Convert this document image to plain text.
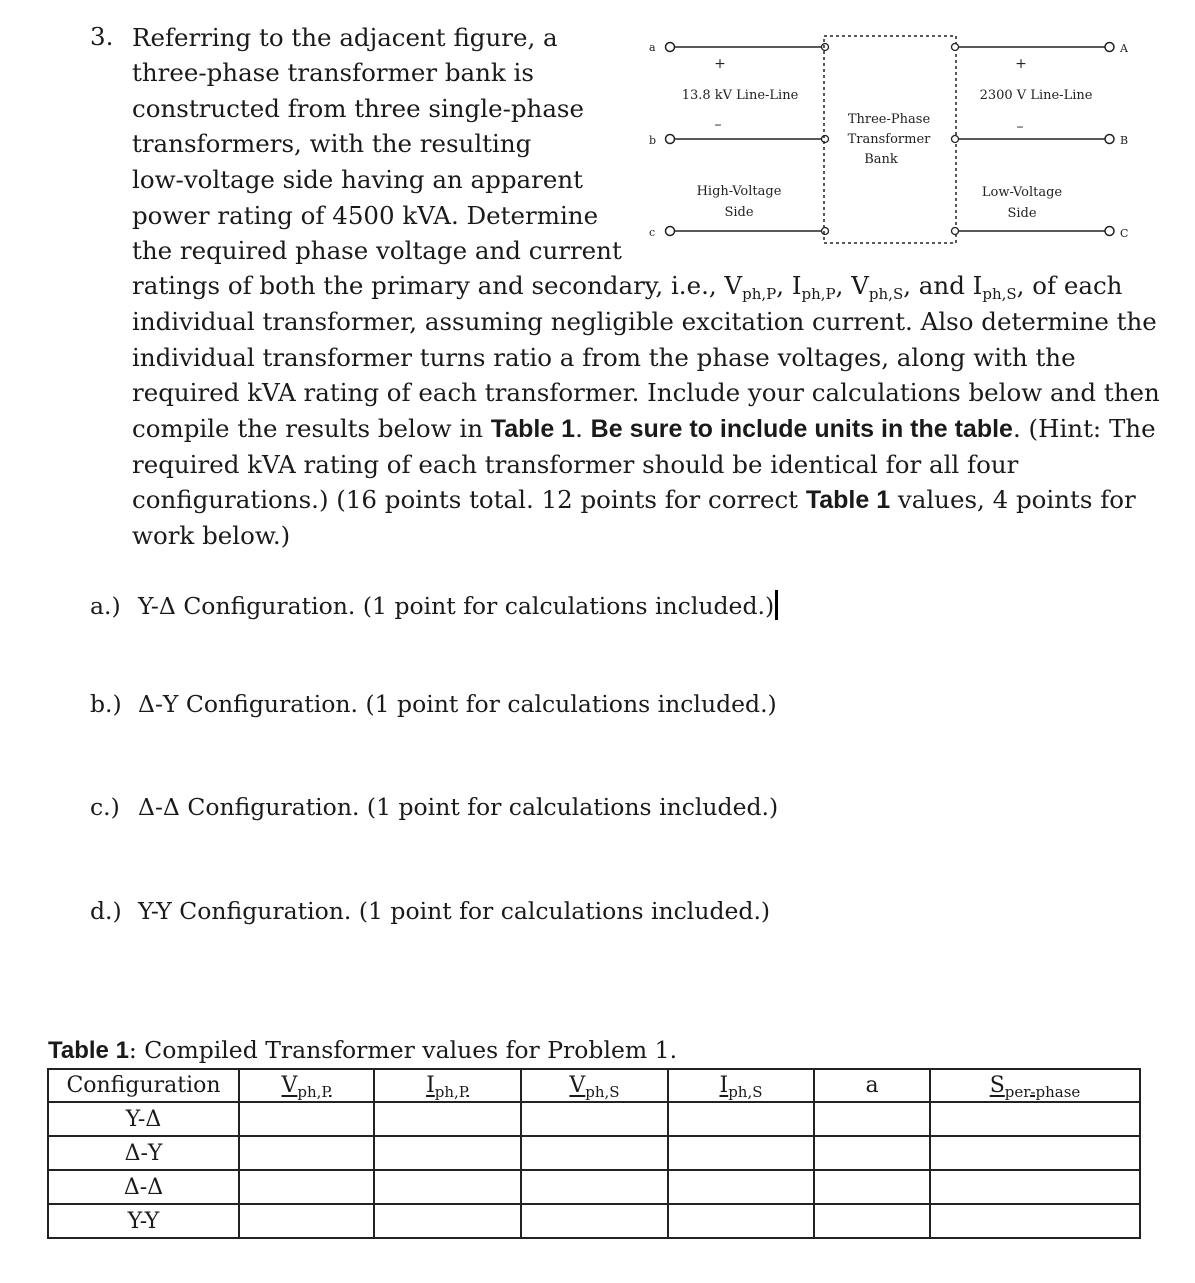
3. Referring to the adjacent figure, a
three-phase transformer bank is
constructed from three single-phase
transformers, with the resulting
low-voltage side having an apparent
power rating of 4500 kVA. Determine
the required phase voltage and current
ratings of both the primary and secondary, i.e., $V_{ph,P}$, $I_{ph,P}$, $V_{ph,S}$, and $I_{ph,S}$, of each
individual transformer, assuming negligible excitation current. Also determine the
individual transformer turns ratio a from the phase voltages, along with the
required kVA rating of each transformer. Include your calculations below and then
compile the results below in Table 1. Be sure to include units in the table. (Hint: The
required kVA rating of each transformer should be identical for all four
configurations.) (16 points total. 12 points for correct Table 1 values, 4 points for
work below.)
a
b
c
A
B
C
+
13.8 kV Line-Line
–
High-Voltage
Side
Three-Phase
Transformer
Bank
+
2300 V Line-Line
–
Low-Voltage
Side
a.) Y-Δ Configuration. (1 point for calculations included.)
b.) Δ-Y Configuration. (1 point for calculations included.)
c.) Δ-Δ Configuration. (1 point for calculations included.)
d.) Y-Y Configuration. (1 point for calculations included.)
Table 1: Compiled Transformer values for Problem 1.
Configuration	$V_{ph,P}$	$I_{ph,P}$	$V_{ph,S}$	$I_{ph,S}$	a	$S_{per-phase}$
Y-Δ						
Δ-Y						
Δ-Δ						
Y-Y						
